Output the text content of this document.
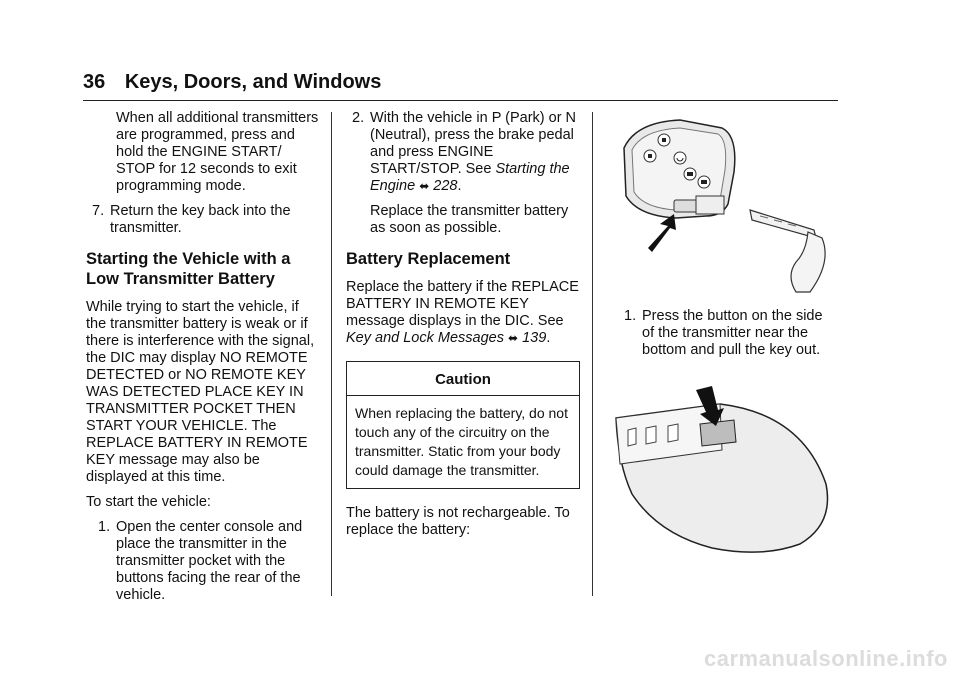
36 Keys, Doors, and Windows

When all additional transmitters are programmed, press and hold the ENGINE START/ STOP for 12 seconds to exit programming mode.

7. Return the key back into the transmitter.

Starting the Vehicle with a Low Transmitter Battery

While trying to start the vehicle, if the transmitter battery is weak or if there is interference with the signal, the DIC may display NO REMOTE DETECTED or NO REMOTE KEY WAS DETECTED PLACE KEY IN TRANSMITTER POCKET THEN START YOUR VEHICLE. The REPLACE BATTERY IN REMOTE KEY message may also be displayed at this time.

To start the vehicle:

1. Open the center console and place the transmitter in the transmitter pocket with the buttons facing the rear of the vehicle.

2. With the vehicle in P (Park) or N (Neutral), press the brake pedal and press ENGINE START/STOP. See Starting the Engine ⬌ 228.

Replace the transmitter battery as soon as possible.

Battery Replacement

Replace the battery if the REPLACE BATTERY IN REMOTE KEY message displays in the DIC. See Key and Lock Messages ⬌ 139.

Caution
When replacing the battery, do not touch any of the circuitry on the transmitter. Static from your body could damage the transmitter.

The battery is not rechargeable. To replace the battery:

1. Press the button on the side of the transmitter near the bottom and pull the key out.

carmanualsonline.info
